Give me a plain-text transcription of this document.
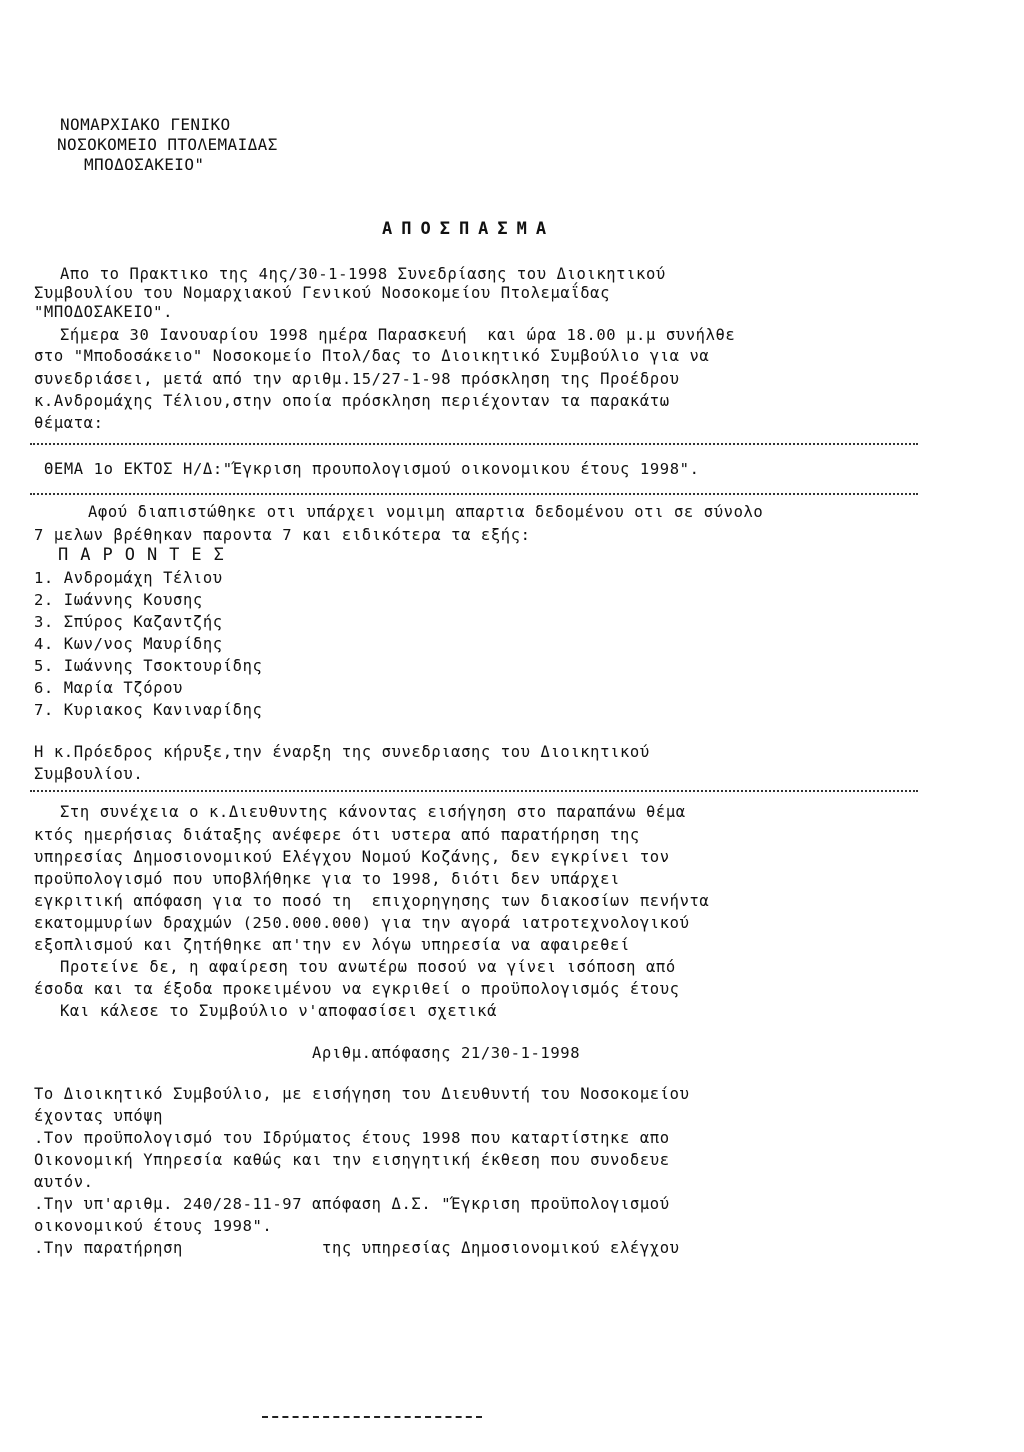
ΝΟΜΑΡΧΙΑΚΟ ΓΕΝΙΚΟ
ΝΟΣΟΚΟΜΕΙΟ ΠΤΟΛΕΜΑΙΔΑΣ
ΜΠΟΔΟΣΑΚΕΙΟ"
ΑΠΟΣΠΑΣΜΑ
Απο το Πρακτικο της 4ης/30-1-1998 Συνεδρίασης του Διοικητικού
Συμβουλίου του Νομαρχιακού Γενικού Νοσοκομείου Πτολεμαΐδας
"ΜΠΟΔΟΣΑΚΕΙΟ".
Σήμερα 30 Ιανουαρίου 1998 ημέρα Παρασκευή  και ώρα 18.00 μ.μ συνήλθε
στο "Μποδοσάκειο" Νοσοκομείο Πτολ/δας το Διοικητικό Συμβούλιο για να
συνεδριάσει, μετά από την αριθμ.15/27-1-98 πρόσκληση της Προέδρου
κ.Ανδρομάχης Τέλιου,στην οποία πρόσκληση περιέχονταν τα παρακάτω
θέματα:
ΘΕΜΑ 1ο ΕΚΤΟΣ Η/Δ:"Έγκριση προυπολογισμού οικονομικου έτους 1998".
Αφού διαπιστώθηκε οτι υπάρχει νομιμη απαρτια δεδομένου οτι σε σύνολο
7 μελων βρέθηκαν παροντα 7 και ειδικότερα τα εξής:
ΠΑΡΟΝΤΕΣ
1. Ανδρομάχη Τέλιου
2. Ιωάννης Κουσης
3. Σπύρος Καζαντζής
4. Κων/νος Μαυρίδης
5. Ιωάννης Τσοκτουρίδης
6. Μαρία Τζόρου
7. Κυριακος Κανιναρίδης
Η κ.Πρόεδρος κήρυξε,την έναρξη της συνεδριασης του Διοικητικού
Συμβουλίου.
Στη συνέχεια ο κ.Διευθυντης κάνοντας εισήγηση στο παραπάνω θέμα
κτός ημερήσιας διάταξης ανέφερε ότι υστερα από παρατήρηση της
υπηρεσίας Δημοσιονομικού Ελέγχου Νομού Κοζάνης, δεν εγκρίνει τον
προϋπολογισμό που υποβλήθηκε για το 1998, διότι δεν υπάρχει
εγκριτική απόφαση για το ποσό τη  επιχορηγησης των διακοσίων πενήντα
εκατομμυρίων δραχμών (250.000.000) για την αγορά ιατροτεχνολογικού
εξοπλισμού και ζητήθηκε απ'την εν λόγω υπηρεσία να αφαιρεθεί
Προτείνε δε, η αφαίρεση του ανωτέρω ποσού να γίνει ισόποση από
έσοδα και τα έξοδα προκειμένου να εγκριθεί ο προϋπολογισμός έτους
Και κάλεσε το Συμβούλιο ν'αποφασίσει σχετικά
Αριθμ.απόφασης 21/30-1-1998
Το Διοικητικό Συμβούλιο, με εισήγηση του Διευθυντή του Νοσοκομείου
έχοντας υπόψη
.Τον προϋπολογισμό του Ιδρύματος έτους 1998 που καταρτίστηκε απο
Οικονομική Υπηρεσία καθώς και την εισηγητική έκθεση που συνοδευε
αυτόν.
.Την υπ'αριθμ. 240/28-11-97 απόφαση Δ.Σ. "Έγκριση προϋπολογισμού
οικονομικού έτους 1998".
.Την παρατήρηση              της υπηρεσίας Δημοσιονομικού ελέγχου
